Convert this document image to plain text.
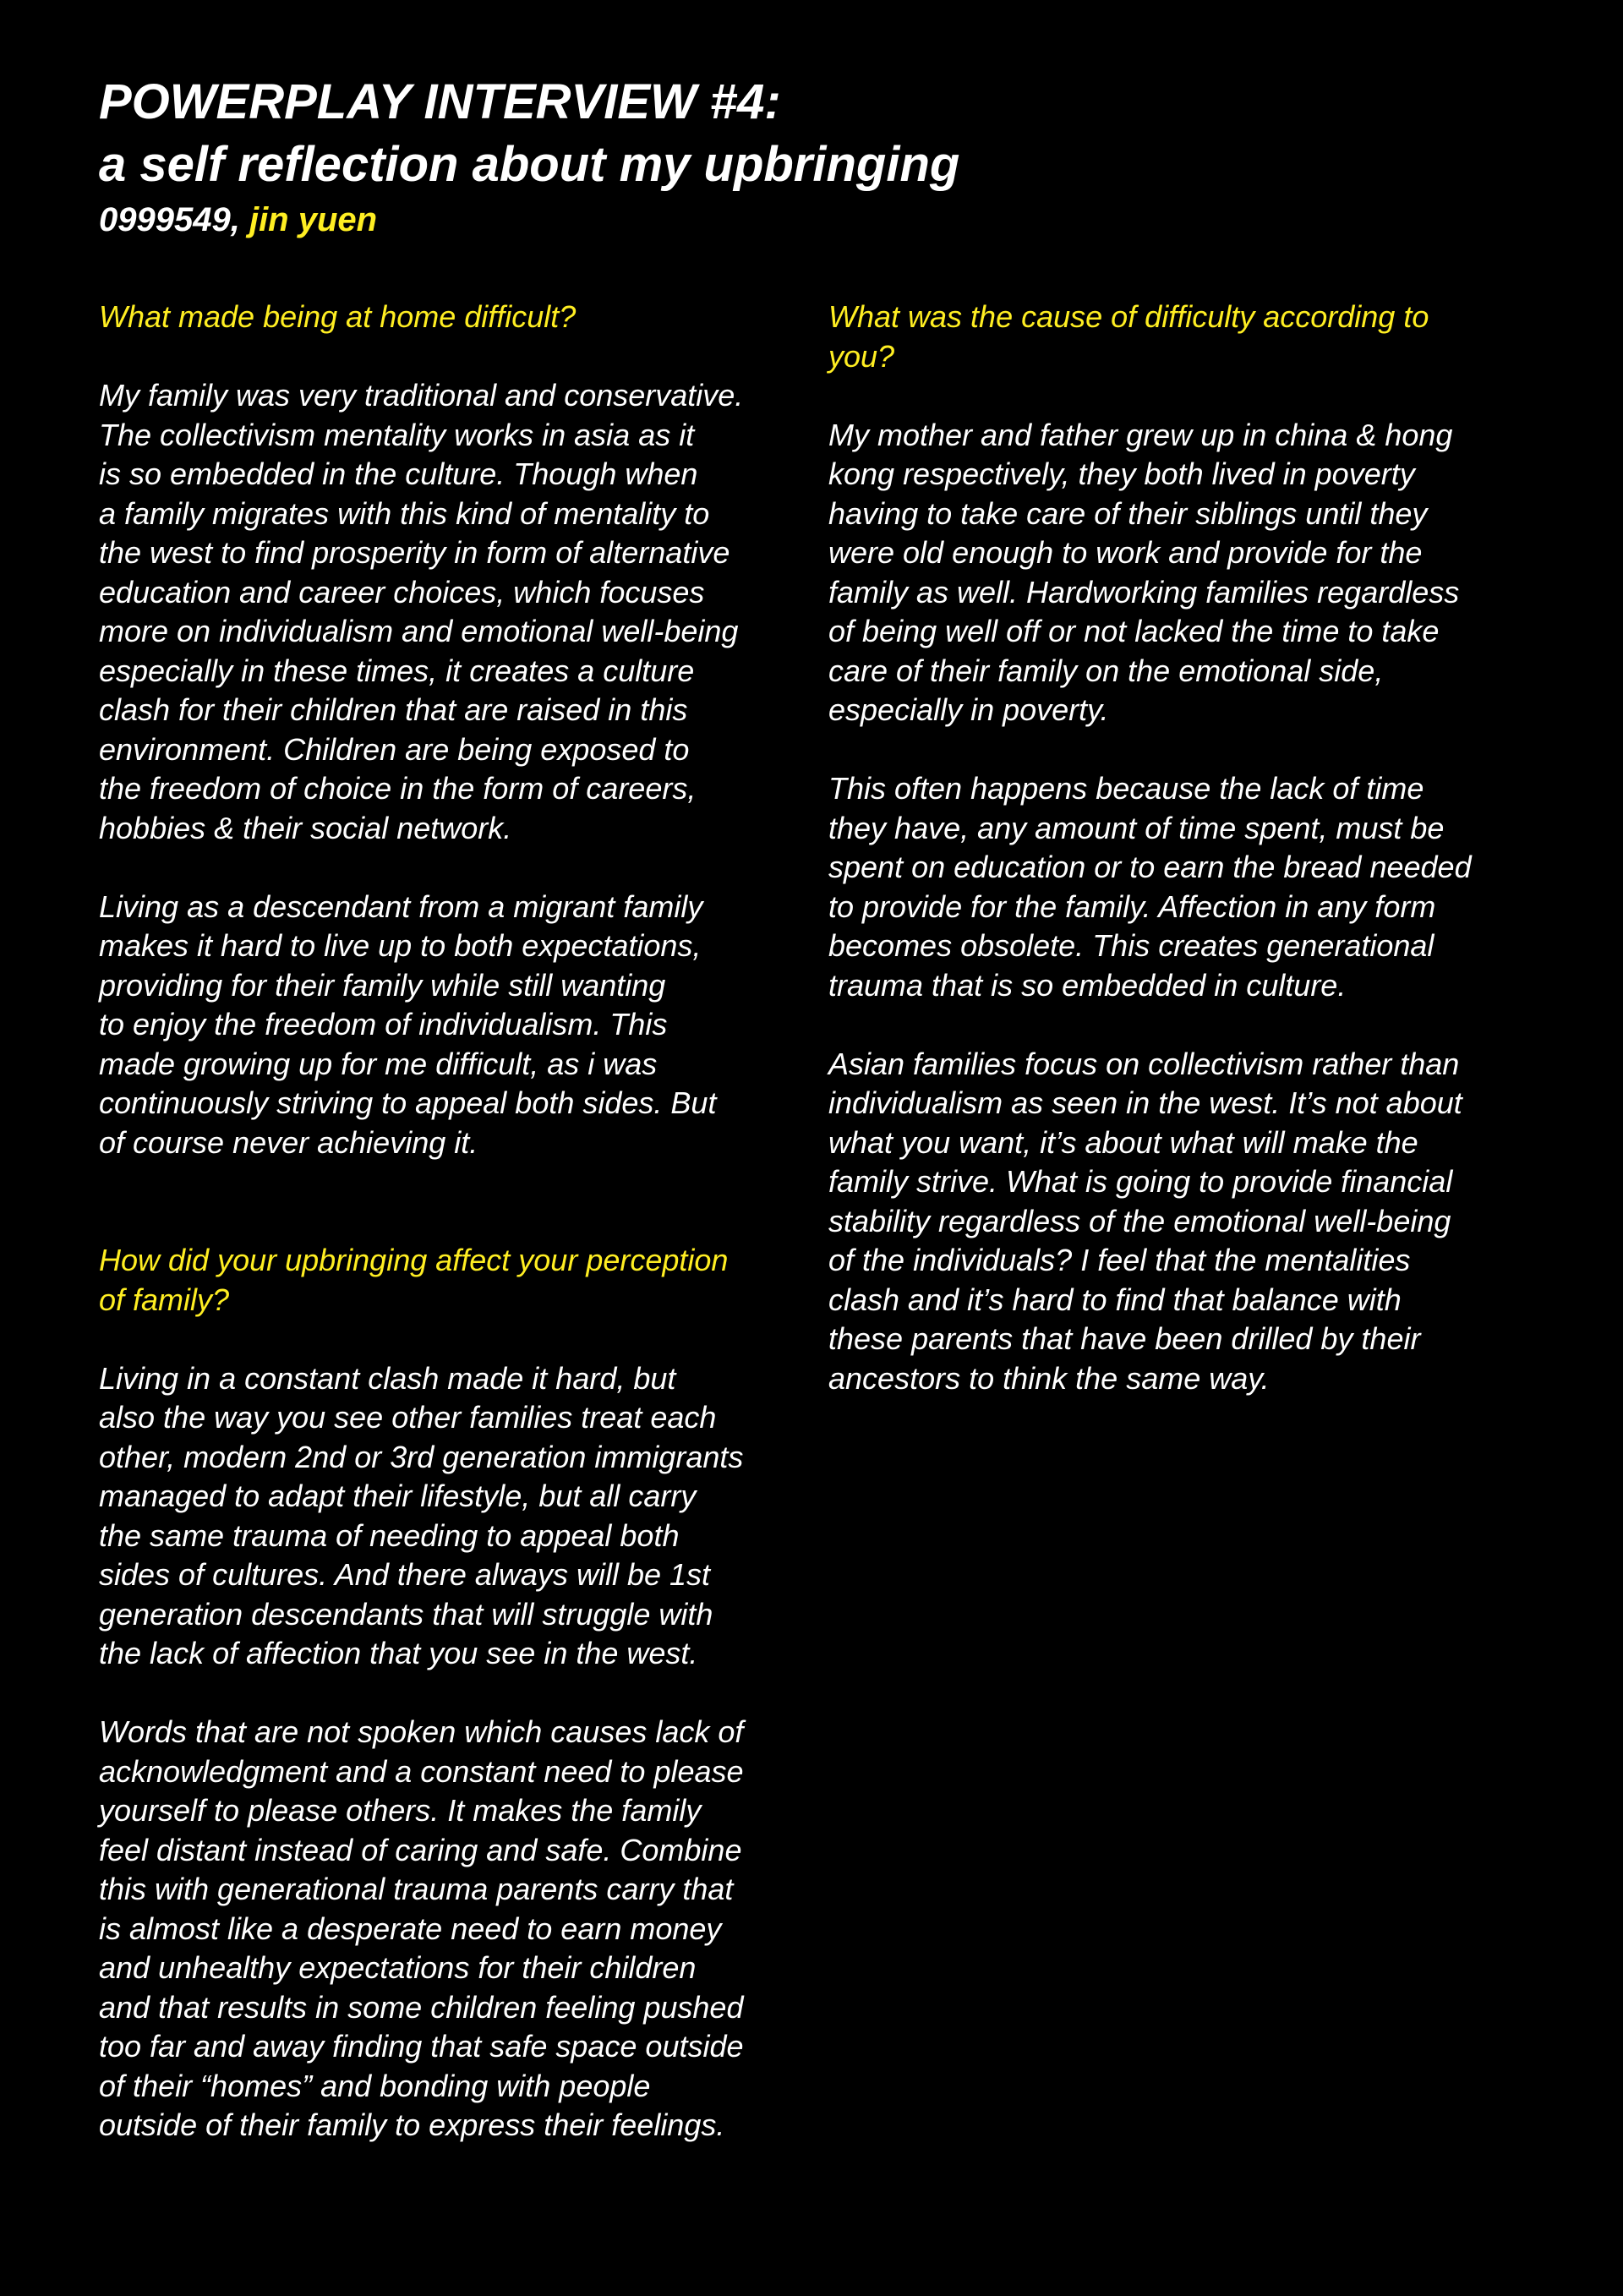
POWERPLAY INTERVIEW #4:
a self reflection about my upbringing
0999549, jin yuen
What made being at home difficult?
My family was very traditional and conservative.
The collectivism mentality works in asia as it
is so embedded in the culture. Though when
a family migrates with this kind of mentality to
the west to find prosperity in form of alternative
education and career choices, which focuses
more on individualism and emotional well-being
especially in these times, it creates a culture
clash for their children that are raised in this
environment. Children are being exposed to
the freedom of choice in the form of careers,
hobbies & their social network.
Living as a descendant from a migrant family
makes it hard to live up to both expectations,
providing for their family while still wanting
to enjoy the freedom of individualism. This
made growing up for me difficult, as i was
continuously striving to appeal both sides. But
of course never achieving it.
How did your upbringing affect your perception
of family?
Living in a constant clash made it hard, but
also the way you see other families treat each
other, modern 2nd or 3rd generation immigrants
managed to adapt their lifestyle, but all carry
the same trauma of needing to appeal both
sides of cultures. And there always will be 1st
generation descendants that will struggle with
the lack of affection that you see in the west.
Words that are not spoken which causes lack of
acknowledgment and a constant need to please
yourself to please others. It makes the family
feel distant instead of caring and safe. Combine
this with generational trauma parents carry that
is almost like a desperate need to earn money
and unhealthy expectations for their children
and that results in some children feeling pushed
too far and away finding that safe space outside
of their “homes” and bonding with people
outside of their family to express their feelings.
What was the cause of difficulty according to
you?
My mother and father grew up in china & hong
kong respectively, they both lived in poverty
having to take care of their siblings until they
were old enough to work and provide for the
family as well. Hardworking families regardless
of being well off or not lacked the time to take
care of their family on the emotional side,
especially in poverty.
This often happens because the lack of time
they have, any amount of time spent, must be
spent on education or to earn the bread needed
to provide for the family. Affection in any form
becomes obsolete. This creates generational
trauma that is so embedded in culture.
Asian families focus on collectivism rather than
individualism as seen in the west. It’s not about
what you want, it’s about what will make the
family strive. What is going to provide financial
stability regardless of the emotional well-being
of the individuals? I feel that the mentalities
clash and it’s hard to find that balance with
these parents that have been drilled by their
ancestors to think the same way.
